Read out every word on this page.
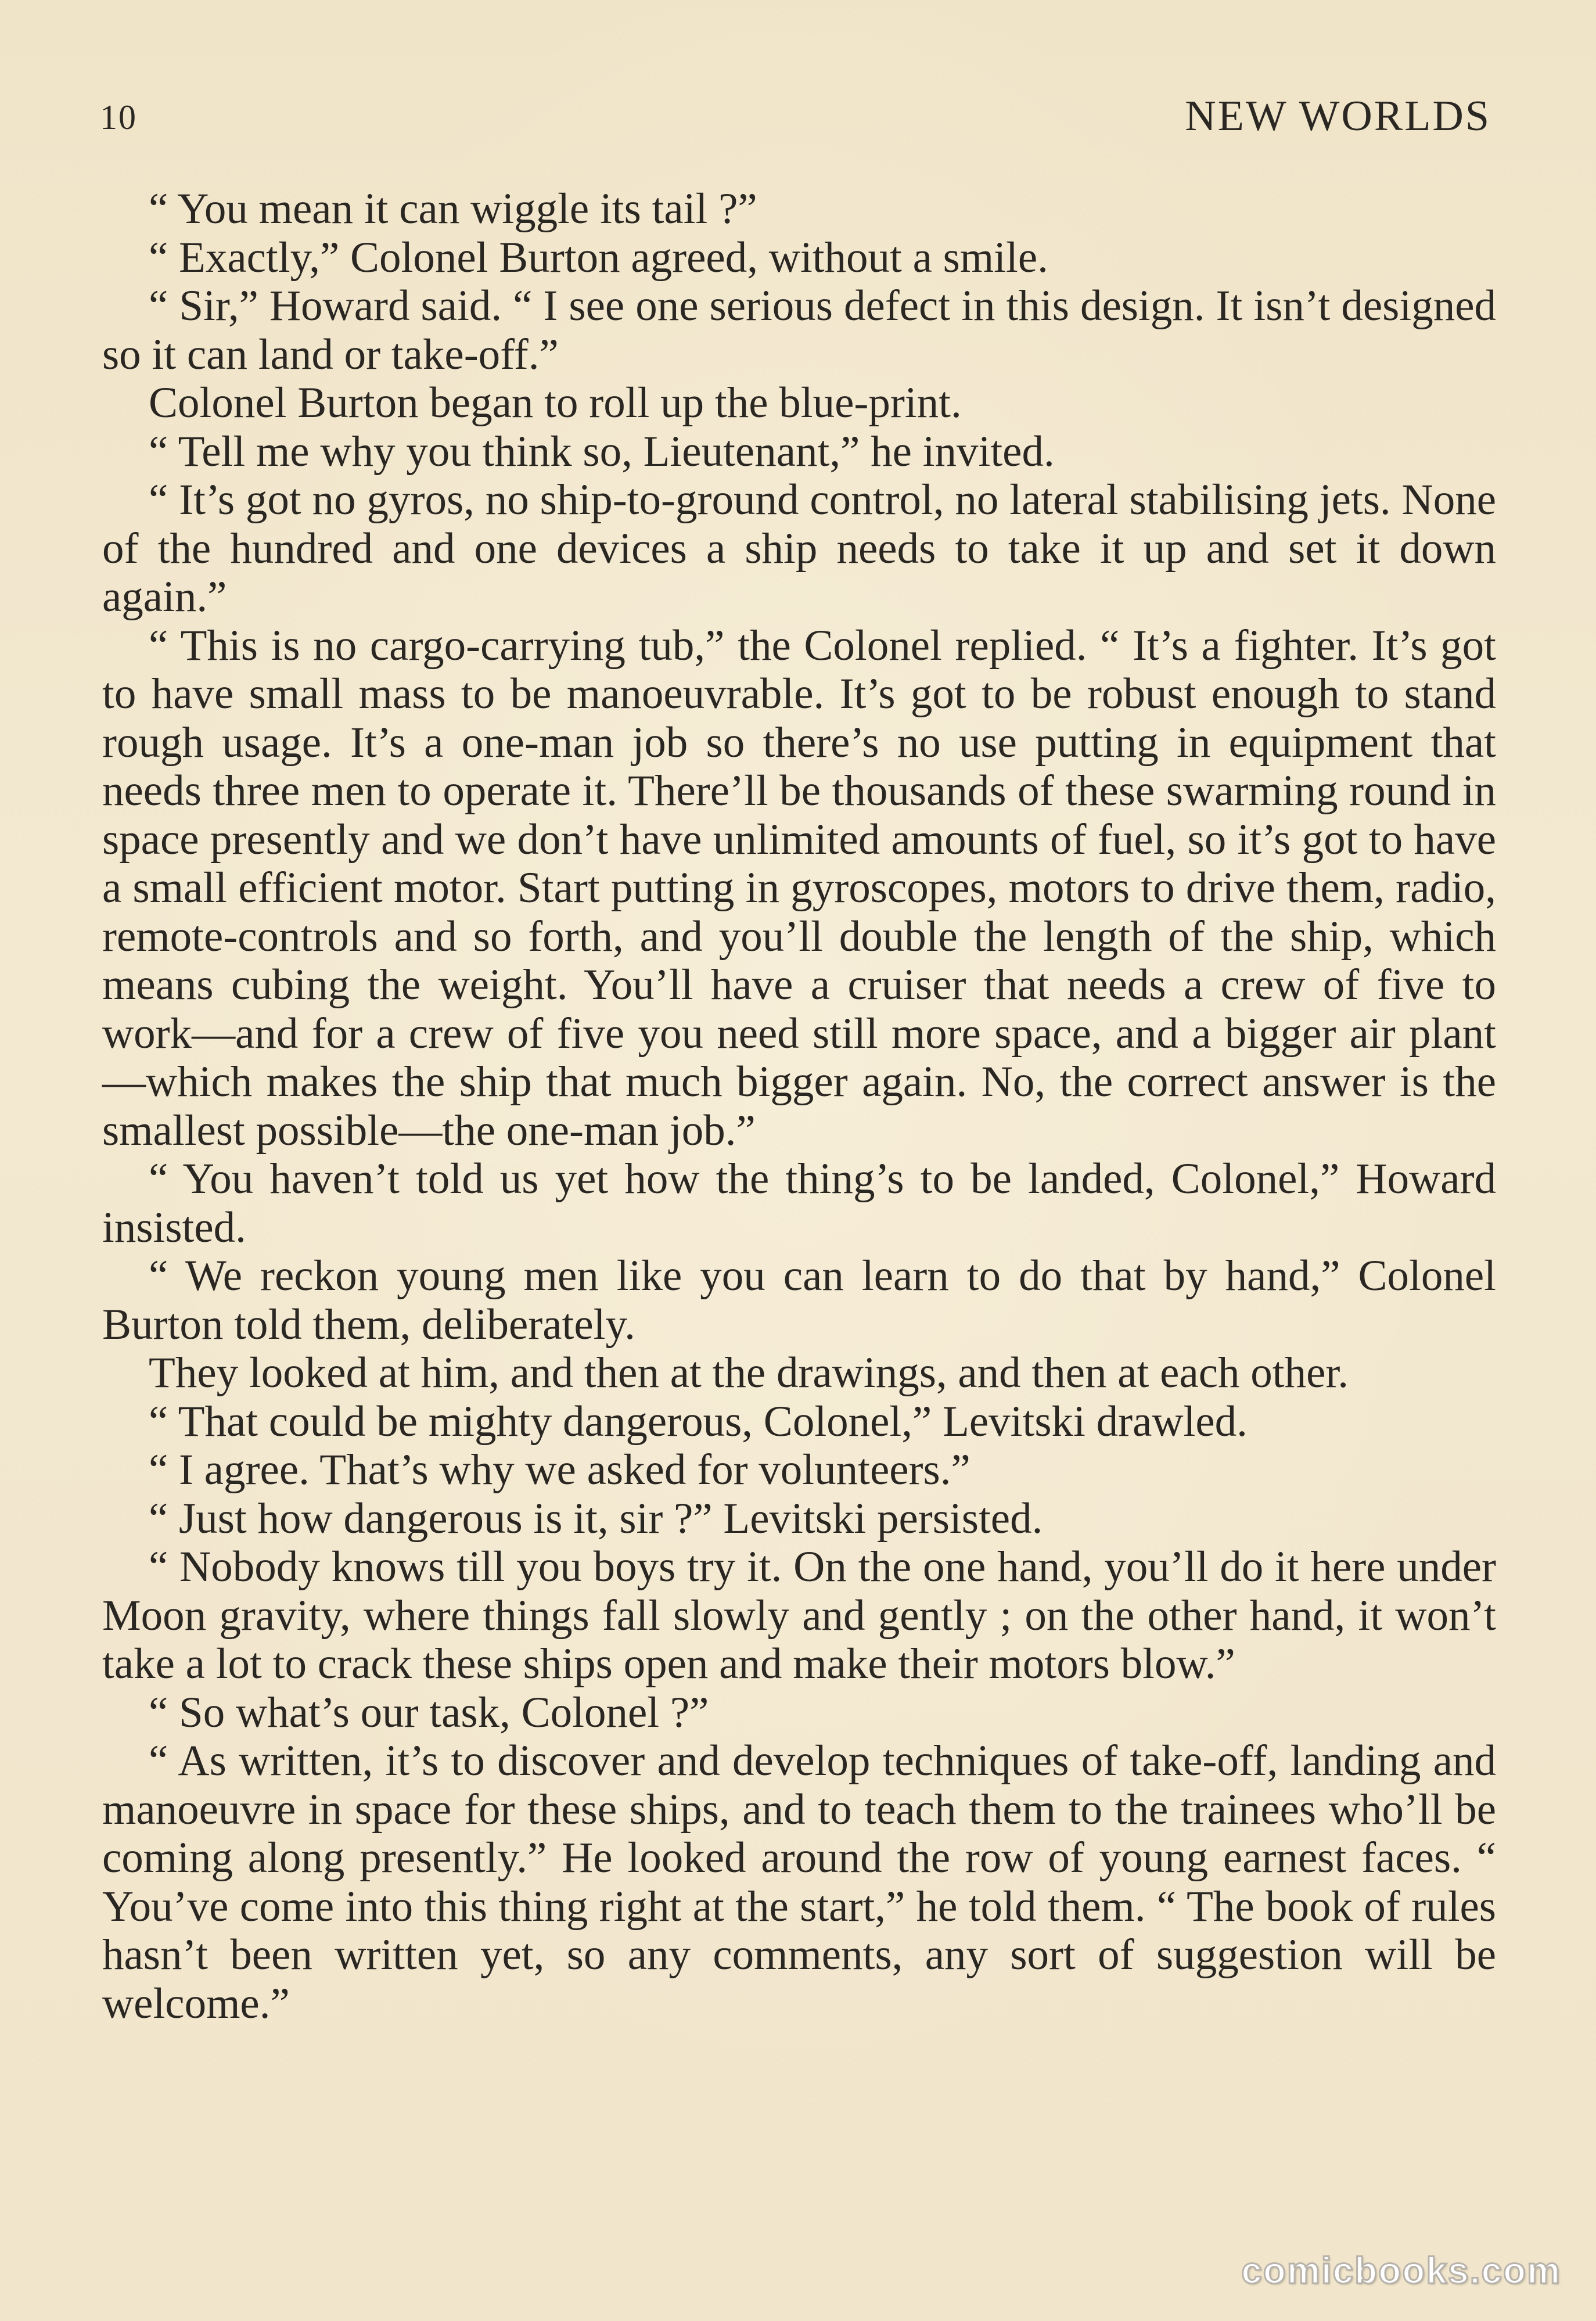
10	NEW WORLDS

“ You mean it can wiggle its tail ?”

“ Exactly,” Colonel Burton agreed, without a smile.

“ Sir,” Howard said. “ I see one serious defect in this design. It isn’t designed so it can land or take-off.”

Colonel Burton began to roll up the blue-print.

“ Tell me why you think so, Lieutenant,” he invited.

“ It’s got no gyros, no ship-to-ground control, no lateral stabilising jets. None of the hundred and one devices a ship needs to take it up and set it down again.”

“ This is no cargo-carrying tub,” the Colonel replied. “ It’s a fighter. It’s got to have small mass to be manoeuvrable. It’s got to be robust enough to stand rough usage. It’s a one-man job so there’s no use putting in equipment that needs three men to operate it. There’ll be thousands of these swarming round in space presently and we don’t have unlimited amounts of fuel, so it’s got to have a small efficient motor. Start putting in gyroscopes, motors to drive them, radio, remote-controls and so forth, and you’ll double the length of the ship, which means cubing the weight. You’ll have a cruiser that needs a crew of five to work—and for a crew of five you need still more space, and a bigger air plant—which makes the ship that much bigger again. No, the correct answer is the smallest possible—the one-man job.”

“ You haven’t told us yet how the thing’s to be landed, Colonel,” Howard insisted.

“ We reckon young men like you can learn to do that by hand,” Colonel Burton told them, deliberately.

They looked at him, and then at the drawings, and then at each other.

“ That could be mighty dangerous, Colonel,” Levitski drawled.

“ I agree. That’s why we asked for volunteers.”

“ Just how dangerous is it, sir ?” Levitski persisted.

“ Nobody knows till you boys try it. On the one hand, you’ll do it here under Moon gravity, where things fall slowly and gently ; on the other hand, it won’t take a lot to crack these ships open and make their motors blow.”

“ So what’s our task, Colonel ?”

“ As written, it’s to discover and develop techniques of take-off, landing and manoeuvre in space for these ships, and to teach them to the trainees who’ll be coming along presently.” He looked around the row of young earnest faces. “ You’ve come into this thing right at the start,” he told them. “ The book of rules hasn’t been written yet, so any comments, any sort of suggestion will be welcome.”

comicbooks.com
